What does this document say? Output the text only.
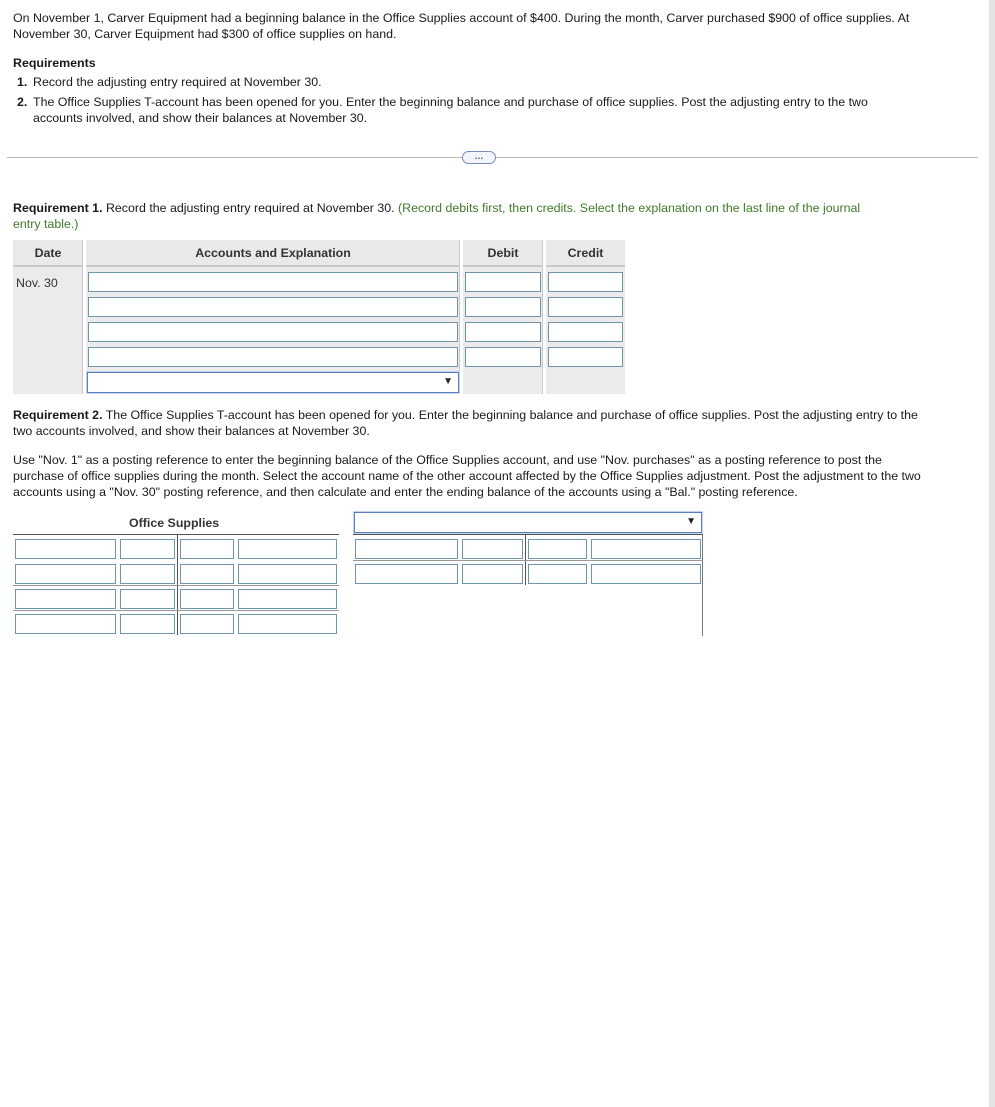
On November 1, Carver Equipment had a beginning balance in the Office Supplies account of $400. During the month, Carver purchased $900 of office supplies. At
November 30, Carver Equipment had $300 of office supplies on hand.
Requirements
1. Record the adjusting entry required at November 30.
2. The Office Supplies T-account has been opened for you. Enter the beginning balance and purchase of office supplies. Post the adjusting entry to the two
accounts involved, and show their balances at November 30.
…
Requirement 1. Record the adjusting entry required at November 30. (Record debits first, then credits. Select the explanation on the last line of the journal
entry table.)
Date	Accounts and Explanation	Debit	Credit
Nov. 30
▼
Requirement 2. The Office Supplies T-account has been opened for you. Enter the beginning balance and purchase of office supplies. Post the adjusting entry to the
two accounts involved, and show their balances at November 30.
Use "Nov. 1" as a posting reference to enter the beginning balance of the Office Supplies account, and use "Nov. purchases" as a posting reference to post the
purchase of office supplies during the month. Select the account name of the other account affected by the Office Supplies adjustment. Post the adjustment to the two
accounts using a "Nov. 30" posting reference, and then calculate and enter the ending balance of the accounts using a "Bal." posting reference.
Office Supplies	▼
